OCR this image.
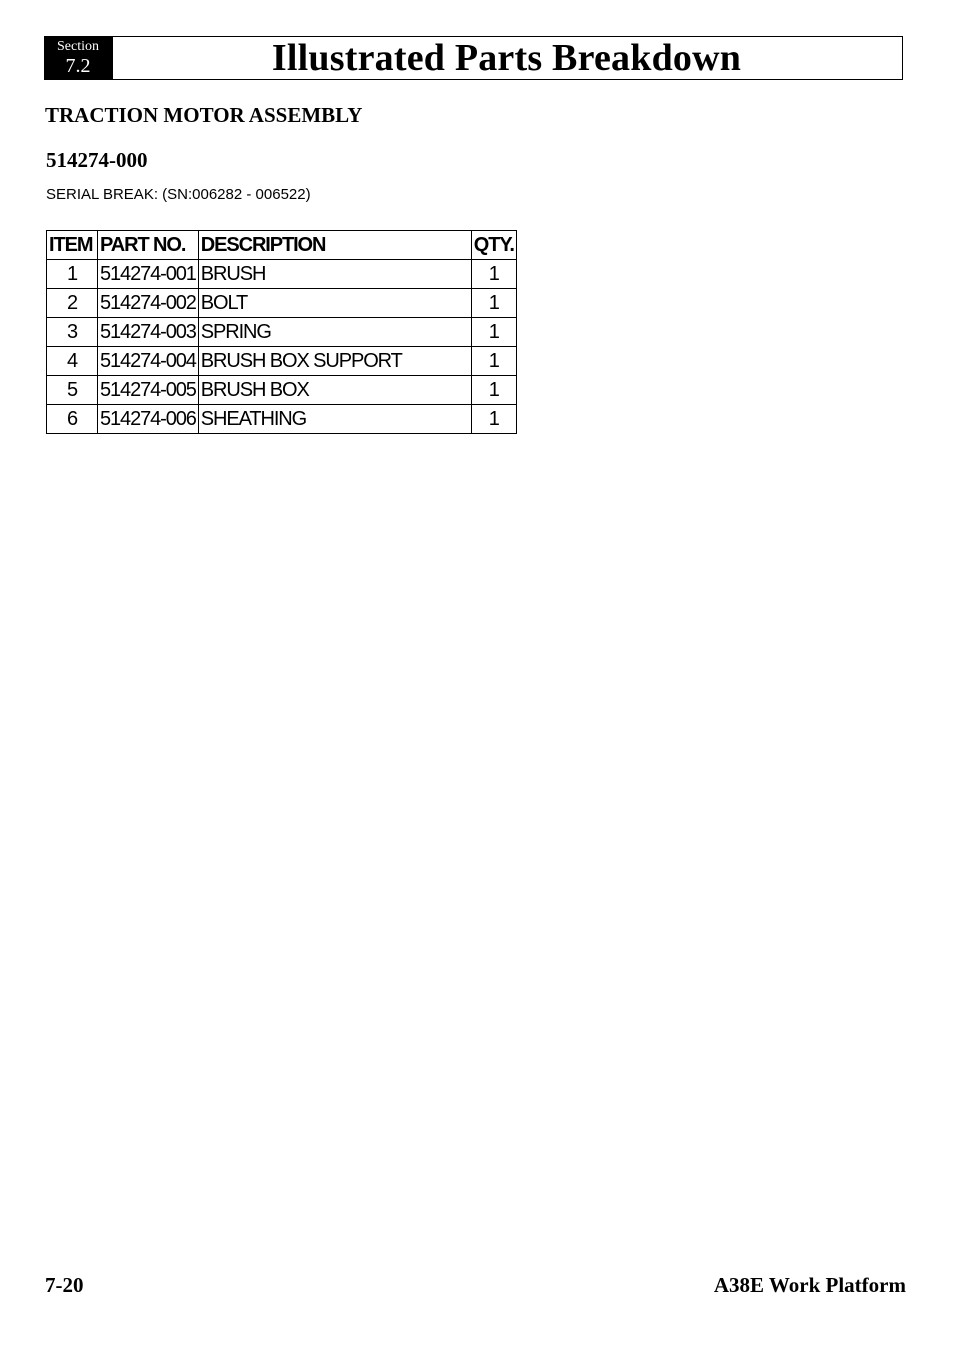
Section
7.2	Illustrated Parts Breakdown
TRACTION MOTOR ASSEMBLY
514274-000
SERIAL BREAK: (SN:006282 - 006522)
ITEM	PART NO.	DESCRIPTION	QTY.
1	514274-001	BRUSH	1
2	514274-002	BOLT	1
3	514274-003	SPRING	1
4	514274-004	BRUSH BOX SUPPORT	1
5	514274-005	BRUSH BOX	1
6	514274-006	SHEATHING	1
7-20	A38E Work Platform
